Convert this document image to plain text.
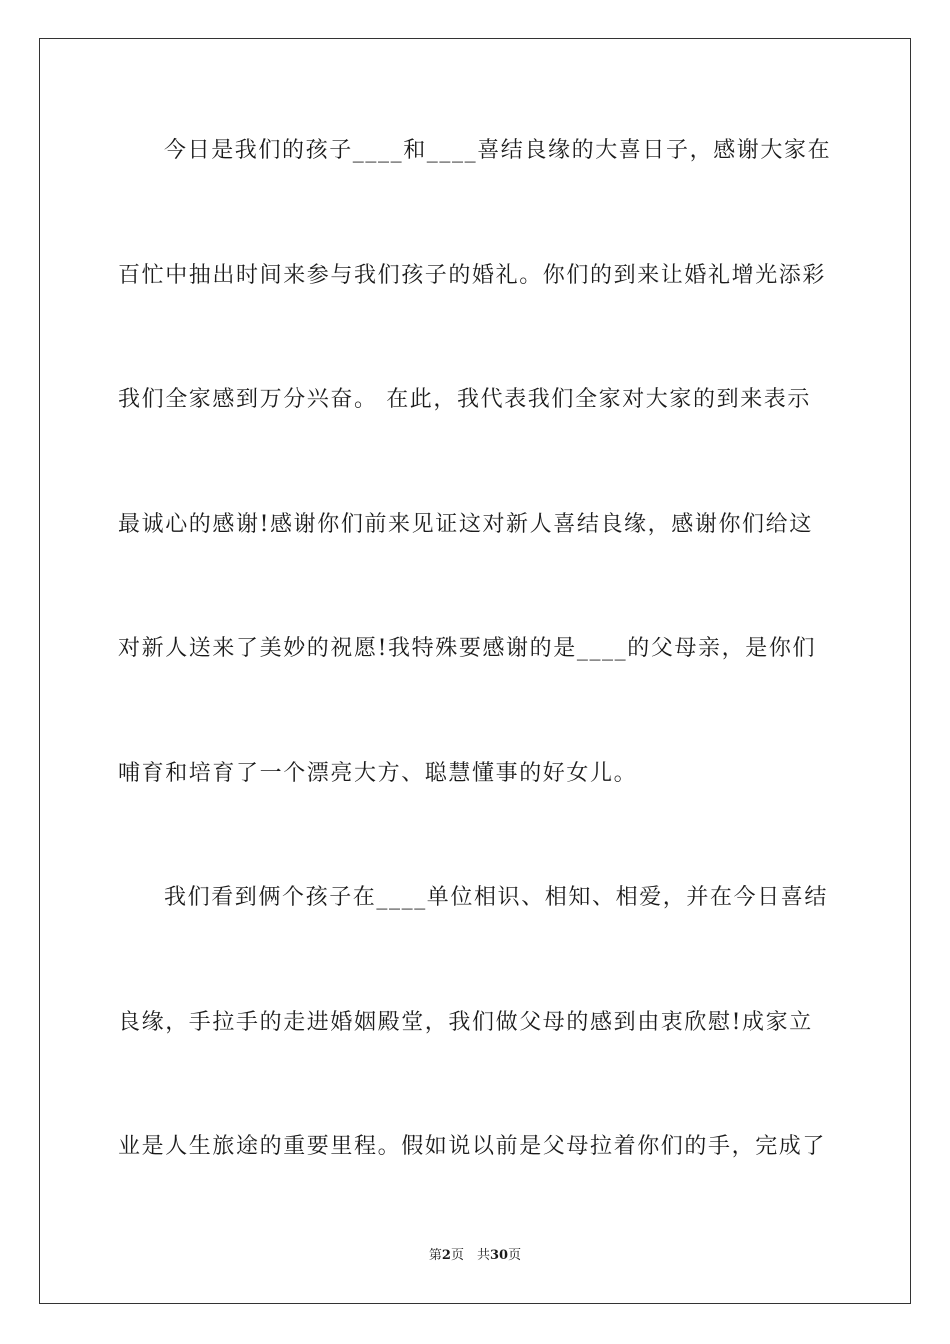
今日是我们的孩子____和____喜结良缘的大喜日子，感谢大家在
百忙中抽出时间来参与我们孩子的婚礼。你们的到来让婚礼增光添彩
我们全家感到万分兴奋。 在此，我代表我们全家对大家的到来表示
最诚心的感谢!感谢你们前来见证这对新人喜结良缘，感谢你们给这
对新人送来了美妙的祝愿!我特殊要感谢的是____的父母亲，是你们
哺育和培育了一个漂亮大方、聪慧懂事的好女儿。
我们看到俩个孩子在____单位相识、相知、相爱，并在今日喜结
良缘，手拉手的走进婚姻殿堂，我们做父母的感到由衷欣慰!成家立
业是人生旅途的重要里程。假如说以前是父母拉着你们的手，完成了
第2页　共30页
